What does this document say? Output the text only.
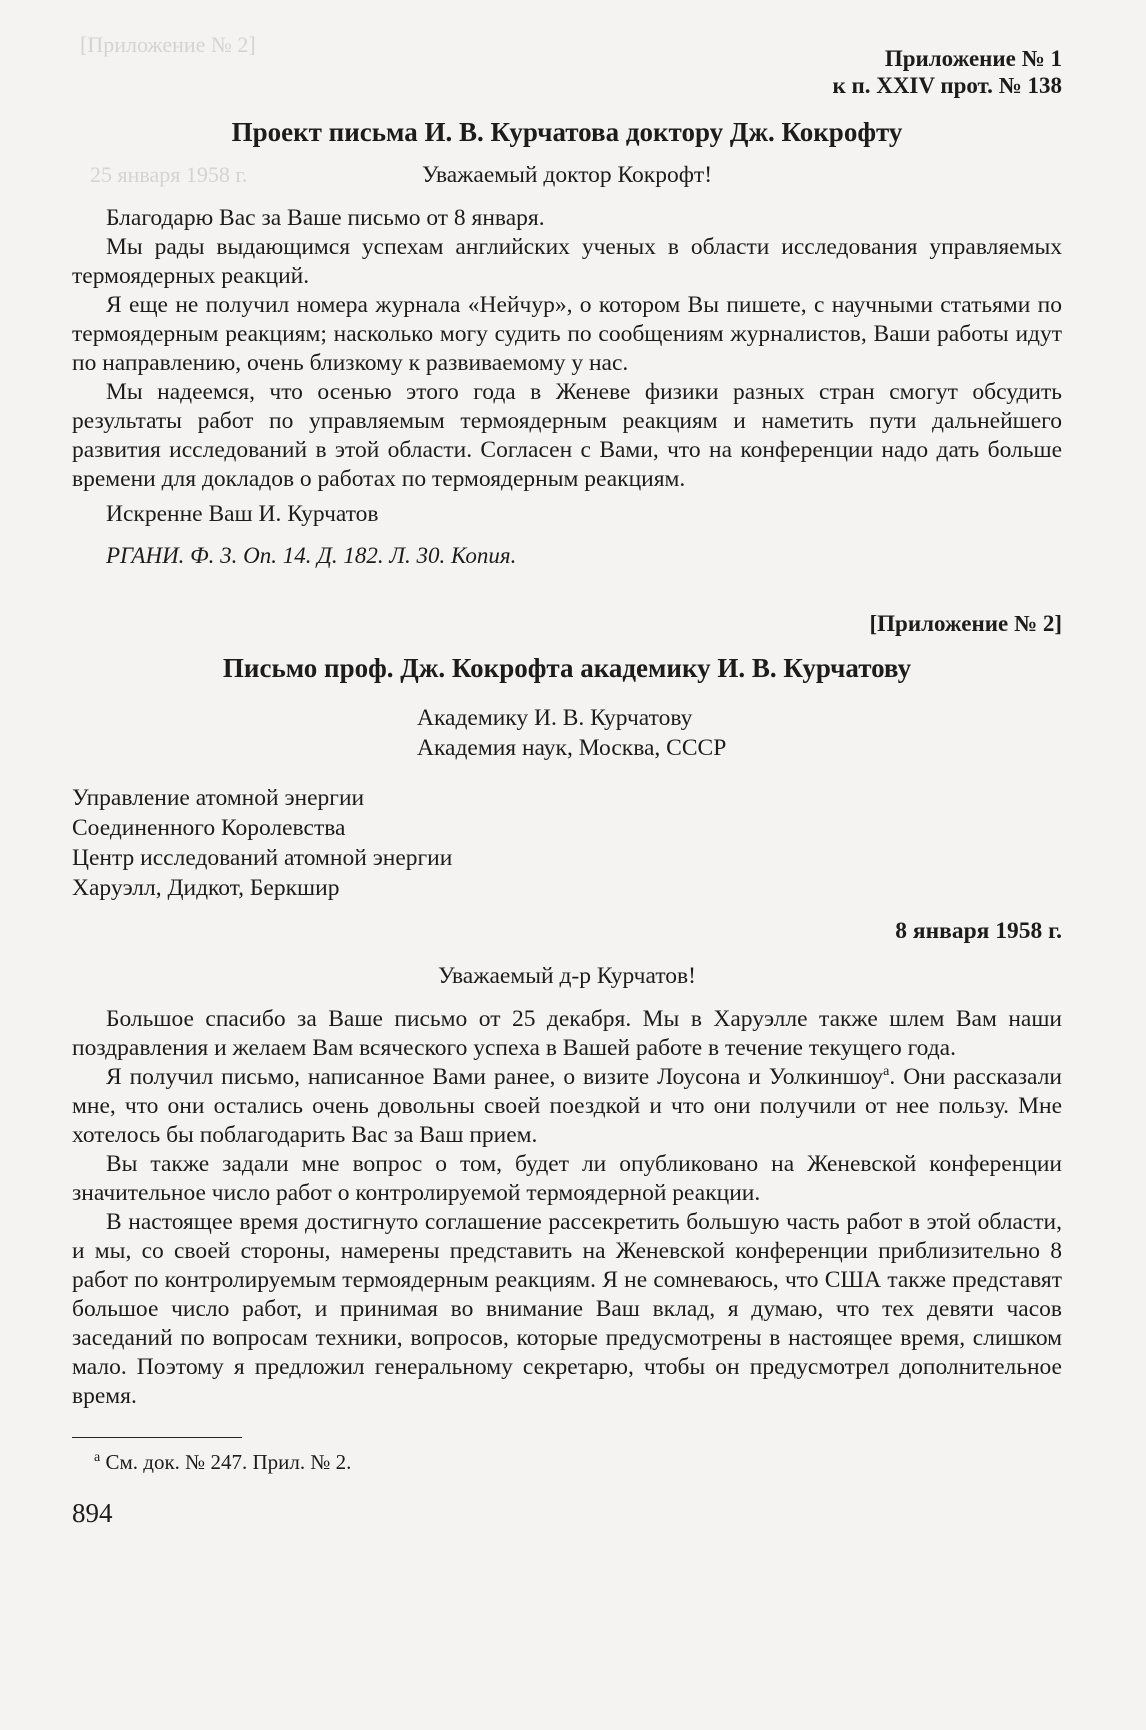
[Приложение № 2]
25 января 1958 г.
Приложение № 1
к п. XXIV прот. № 138
Проект письма И. В. Курчатова доктору Дж. Кокрофту
Уважаемый доктор Кокрофт!

Благодарю Вас за Ваше письмо от 8 января.

Мы рады выдающимся успехам английских ученых в области исследования управляемых термоядерных реакций.

Я еще не получил номера журнала «Нейчур», о котором Вы пишете, с научными статьями по термоядерным реакциям; насколько могу судить по сообщениям журналистов, Ваши работы идут по направлению, очень близкому к развиваемому у нас.

Мы надеемся, что осенью этого года в Женеве физики разных стран смогут обсудить результаты работ по управляемым термоядерным реакциям и наметить пути дальнейшего развития исследований в этой области. Согласен с Вами, что на конференции надо дать больше времени для докладов о работах по термоядерным реакциям.

Искренне Ваш И. Курчатов

РГАНИ. Ф. 3. Оп. 14. Д. 182. Л. 30. Копия.

[Приложение № 2]
Письмо проф. Дж. Кокрофта академику И. В. Курчатову
Академику И. В. Курчатову
Академия наук, Москва, СССР
Управление атомной энергии
Соединенного Королевства
Центр исследований атомной энергии
Харуэлл, Дидкот, Беркшир
8 января 1958 г.
Уважаемый д-р Курчатов!

Большое спасибо за Ваше письмо от 25 декабря. Мы в Харуэлле также шлем Вам наши поздравления и желаем Вам всяческого успеха в Вашей работе в течение текущего года.

Я получил письмо, написанное Вами ранее, о визите Лоусона и Уолкиншоу$^а$. Они рассказали мне, что они остались очень довольны своей поездкой и что они получили от нее пользу. Мне хотелось бы поблагодарить Вас за Ваш прием.

Вы также задали мне вопрос о том, будет ли опубликовано на Женевской конференции значительное число работ о контролируемой термоядерной реакции.

В настоящее время достигнуто соглашение рассекретить большую часть работ в этой области, и мы, со своей стороны, намерены представить на Женевской конференции приблизительно 8 работ по контролируемым термоядерным реакциям. Я не сомневаюсь, что США также представят большое число работ, и принимая во внимание Ваш вклад, я думаю, что тех девяти часов заседаний по вопросам техники, вопросов, которые предусмотрены в настоящее время, слишком мало. Поэтому я предложил генеральному секретарю, чтобы он предусмотрел дополнительное время.

$^а$ См. док. № 247. Прил. № 2.
894
